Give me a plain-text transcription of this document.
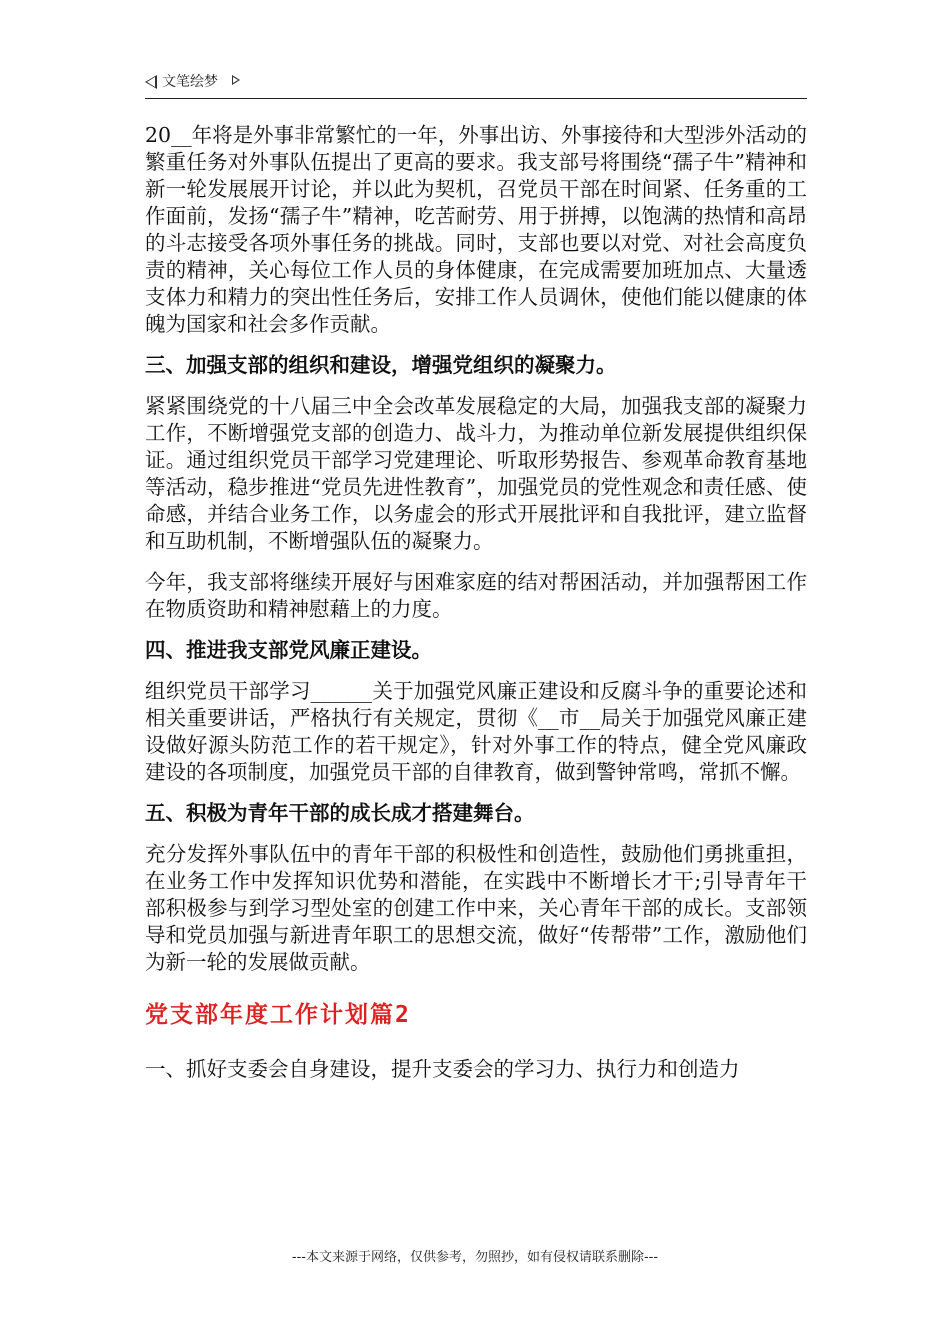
文笔绘梦

20__年将是外事非常繁忙的一年，外事出访、外事接待和大型涉外活动的繁重任务对外事队伍提出了更高的要求。我支部号将围绕“孺子牛”精神和新一轮发展展开讨论，并以此为契机，召党员干部在时间紧、任务重的工作面前，发扬“孺子牛”精神，吃苦耐劳、用于拼搏，以饱满的热情和高昂的斗志接受各项外事任务的挑战。同时，支部也要以对党、对社会高度负责的精神，关心每位工作人员的身体健康，在完成需要加班加点、大量透支体力和精力的突出性任务后，安排工作人员调休，使他们能以健康的体魄为国家和社会多作贡献。

三、加强支部的组织和建设，增强党组织的凝聚力。

紧紧围绕党的十八届三中全会改革发展稳定的大局，加强我支部的凝聚力工作，不断增强党支部的创造力、战斗力，为推动单位新发展提供组织保证。通过组织党员干部学习党建理论、听取形势报告、参观革命教育基地等活动，稳步推进“党员先进性教育”，加强党员的党性观念和责任感、使命感，并结合业务工作，以务虚会的形式开展批评和自我批评，建立监督和互助机制，不断增强队伍的凝聚力。

今年，我支部将继续开展好与困难家庭的结对帮困活动，并加强帮困工作在物质资助和精神慰藉上的力度。

四、推进我支部党风廉正建设。

组织党员干部学习______关于加强党风廉正建设和反腐斗争的重要论述和相关重要讲话，严格执行有关规定，贯彻《__市__局关于加强党风廉正建设做好源头防范工作的若干规定》，针对外事工作的特点，健全党风廉政建设的各项制度，加强党员干部的自律教育，做到警钟常鸣，常抓不懈。

五、积极为青年干部的成长成才搭建舞台。

充分发挥外事队伍中的青年干部的积极性和创造性，鼓励他们勇挑重担，在业务工作中发挥知识优势和潜能，在实践中不断增长才干;引导青年干部积极参与到学习型处室的创建工作中来，关心青年干部的成长。支部领导和党员加强与新进青年职工的思想交流，做好“传帮带”工作，激励他们为新一轮的发展做贡献。

党支部年度工作计划篇2

一、抓好支委会自身建设，提升支委会的学习力、执行力和创造力

---本文来源于网络，仅供参考，勿照抄，如有侵权请联系删除---
